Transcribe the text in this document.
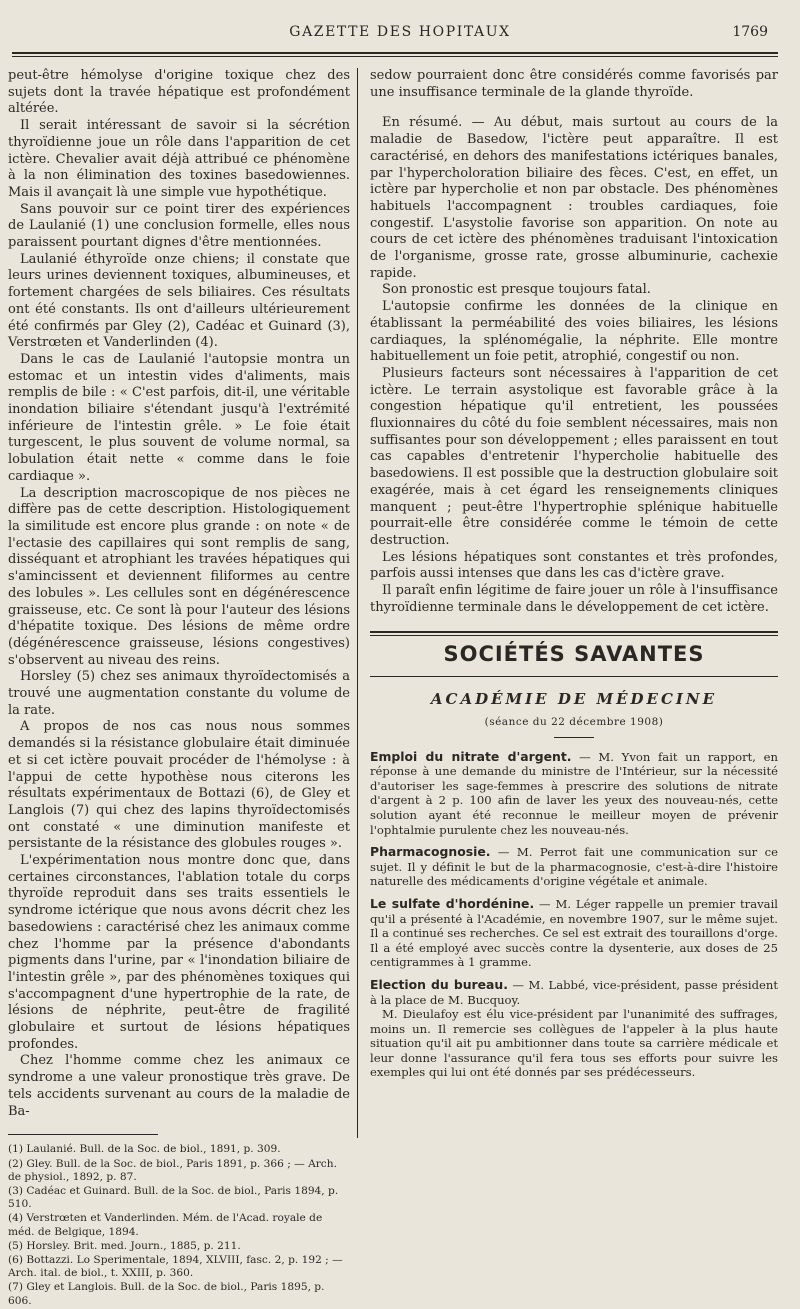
GAZETTE DES HOPITAUX	1769

peut-être hémolyse d'origine toxique chez des sujets dont la travée hépatique est profondément altérée.

Il serait intéressant de savoir si la sécrétion thyroïdienne joue un rôle dans l'apparition de cet ictère. Chevalier avait déjà attribué ce phénomène à la non élimination des toxines basedowiennes. Mais il avançait là une simple vue hypothétique.

Sans pouvoir sur ce point tirer des expériences de Laulanié (1) une conclusion formelle, elles nous paraissent pourtant dignes d'être mentionnées.

Laulanié éthyroïde onze chiens; il constate que leurs urines deviennent toxiques, albumineuses, et fortement chargées de sels biliaires. Ces résultats ont été constants. Ils ont d'ailleurs ultérieurement été confirmés par Gley (2), Cadéac et Guinard (3), Verstrœten et Vanderlinden (4).

Dans le cas de Laulanié l'autopsie montra un estomac et un intestin vides d'aliments, mais remplis de bile : « C'est parfois, dit-il, une véritable inondation biliaire s'étendant jusqu'à l'extrémité inférieure de l'intestin grêle. » Le foie était turgescent, le plus souvent de volume normal, sa lobulation était nette « comme dans le foie cardiaque ».

La description macroscopique de nos pièces ne diffère pas de cette description. Histologiquement la similitude est encore plus grande : on note « de l'ectasie des capillaires qui sont remplis de sang, disséquant et atrophiant les travées hépatiques qui s'amincissent et deviennent filiformes au centre des lobules ». Les cellules sont en dégénérescence graisseuse, etc. Ce sont là pour l'auteur des lésions d'hépatite toxique. Des lésions de même ordre (dégénérescence graisseuse, lésions congestives) s'observent au niveau des reins.

Horsley (5) chez ses animaux thyroïdectomisés a trouvé une augmentation constante du volume de la rate.

A propos de nos cas nous nous sommes demandés si la résistance globulaire était diminuée et si cet ictère pouvait procéder de l'hémolyse : à l'appui de cette hypothèse nous citerons les résultats expérimentaux de Bottazi (6), de Gley et Langlois (7) qui chez des lapins thyroïdectomisés ont constaté « une diminution manifeste et persistante de la résistance des globules rouges ».

L'expérimentation nous montre donc que, dans certaines circonstances, l'ablation totale du corps thyroïde reproduit dans ses traits essentiels le syndrome ictérique que nous avons décrit chez les basedowiens : caractérisé chez les animaux comme chez l'homme par la présence d'abondants pigments dans l'urine, par « l'inondation biliaire de l'intestin grêle », par des phénomènes toxiques qui s'accompagnent d'une hypertrophie de la rate, de lésions de néphrite, peut-être de fragilité globulaire et surtout de lésions hépatiques profondes.

Chez l'homme comme chez les animaux ce syndrome a une valeur pronostique très grave. De tels accidents survenant au cours de la maladie de Ba-

(1) Laulanié. Bull. de la Soc. de biol., 1891, p. 309.
(2) Gley. Bull. de la Soc. de biol., Paris 1891, p. 366 ; — Arch. de physiol., 1892, p. 87.
(3) Cadéac et Guinard. Bull. de la Soc. de biol., Paris 1894, p. 510.
(4) Verstrœten et Vanderlinden. Mém. de l'Acad. royale de méd. de Belgique, 1894.
(5) Horsley. Brit. med. Journ., 1885, p. 211.
(6) Bottazzi. Lo Sperimentale, 1894, XLVIII, fasc. 2, p. 192 ; — Arch. ital. de biol., t. XXIII, p. 360.
(7) Gley et Langlois. Bull. de la Soc. de biol., Paris 1895, p. 606.

sedow pourraient donc être considérés comme favorisés par une insuffisance terminale de la glande thyroïde.

En résumé. — Au début, mais surtout au cours de la maladie de Basedow, l'ictère peut apparaître. Il est caractérisé, en dehors des manifestations ictériques banales, par l'hypercholoration biliaire des fèces. C'est, en effet, un ictère par hypercholie et non par obstacle. Des phénomènes habituels l'accompagnent : troubles cardiaques, foie congestif. L'asystolie favorise son apparition. On note au cours de cet ictère des phénomènes traduisant l'intoxication de l'organisme, grosse rate, grosse albuminurie, cachexie rapide.

Son pronostic est presque toujours fatal.

L'autopsie confirme les données de la clinique en établissant la perméabilité des voies biliaires, les lésions cardiaques, la splénomégalie, la néphrite. Elle montre habituellement un foie petit, atrophié, congestif ou non.

Plusieurs facteurs sont nécessaires à l'apparition de cet ictère. Le terrain asystolique est favorable grâce à la congestion hépatique qu'il entretient, les poussées fluxionnaires du côté du foie semblent nécessaires, mais non suffisantes pour son développement ; elles paraissent en tout cas capables d'entretenir l'hypercholie habituelle des basedowiens. Il est possible que la destruction globulaire soit exagérée, mais à cet égard les renseignements cliniques manquent ; peut-être l'hypertrophie splénique habituelle pourrait-elle être considérée comme le témoin de cette destruction.

Les lésions hépatiques sont constantes et très profondes, parfois aussi intenses que dans les cas d'ictère grave.

Il paraît enfin légitime de faire jouer un rôle à l'insuffisance thyroïdienne terminale dans le développement de cet ictère.

SOCIÉTÉS SAVANTES
ACADÉMIE DE MÉDECINE
(séance du 22 décembre 1908)

Emploi du nitrate d'argent. — M. Yvon fait un rapport, en réponse à une demande du ministre de l'Intérieur, sur la nécessité d'autoriser les sage-femmes à prescrire des solutions de nitrate d'argent à 2 p. 100 afin de laver les yeux des nouveau-nés, cette solution ayant été reconnue le meilleur moyen de prévenir l'ophtalmie purulente chez les nouveau-nés.

Pharmacognosie. — M. Perrot fait une communication sur ce sujet. Il y définit le but de la pharmacognosie, c'est-à-dire l'histoire naturelle des médicaments d'origine végétale et animale.

Le sulfate d'hordénine. — M. Léger rappelle un premier travail qu'il a présenté à l'Académie, en novembre 1907, sur le même sujet. Il a continué ses recherches. Ce sel est extrait des touraillons d'orge. Il a été employé avec succès contre la dysenterie, aux doses de 25 centigrammes à 1 gramme.

Election du bureau. — M. Labbé, vice-président, passe président à la place de M. Bucquoy.

M. Dieulafoy est élu vice-président par l'unanimité des suffrages, moins un. Il remercie ses collègues de l'appeler à la plus haute situation qu'il ait pu ambitionner dans toute sa carrière médicale et leur donne l'assurance qu'il fera tous ses efforts pour suivre les exemples qui lui ont été donnés par ses prédécesseurs.
